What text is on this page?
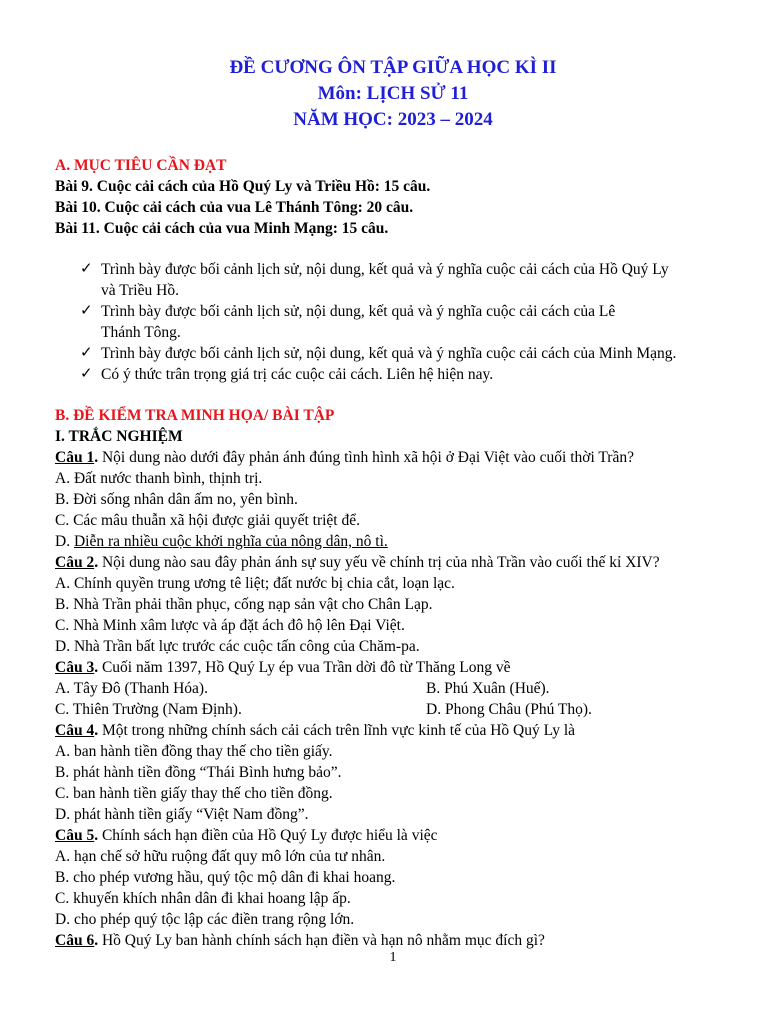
ĐỀ CƯƠNG ÔN TẬP GIỮA HỌC KÌ II
Môn: LỊCH SỬ 11
NĂM HỌC: 2023 – 2024
A. MỤC TIÊU CẦN ĐẠT
Bài 9. Cuộc cải cách của Hồ Quý Ly và Triều Hồ: 15 câu.
Bài 10. Cuộc cải cách của vua Lê Thánh Tông: 20 câu.
Bài 11. Cuộc cải cách của vua Minh Mạng: 15 câu.
✓ Trình bày được bối cảnh lịch sử, nội dung, kết quả và ý nghĩa cuộc cải cách của Hồ Quý Ly
và Triều Hồ.
✓ Trình bày được bối cảnh lịch sử, nội dung, kết quả và ý nghĩa cuộc cải cách của Lê
Thánh Tông.
✓ Trình bày được bối cảnh lịch sử, nội dung, kết quả và ý nghĩa cuộc cải cách của Minh Mạng.
✓ Có ý thức trân trọng giá trị các cuộc cải cách. Liên hệ hiện nay.
B. ĐỀ KIỂM TRA MINH HỌA/ BÀI TẬP
I. TRẮC NGHIỆM
Câu 1. Nội dung nào dưới đây phản ánh đúng tình hình xã hội ở Đại Việt vào cuối thời Trần?
A. Đất nước thanh bình, thịnh trị.
B. Đời sống nhân dân ấm no, yên bình.
C. Các mâu thuẫn xã hội được giải quyết triệt để.
D. Diễn ra nhiều cuộc khởi nghĩa của nông dân, nô tì.
Câu 2. Nội dung nào sau đây phản ánh sự suy yếu về chính trị của nhà Trần vào cuối thế kỉ XIV?
A. Chính quyền trung ương tê liệt; đất nước bị chia cắt, loạn lạc.
B. Nhà Trần phải thần phục, cống nạp sản vật cho Chân Lạp.
C. Nhà Minh xâm lược và áp đặt ách đô hộ lên Đại Việt.
D. Nhà Trần bất lực trước các cuộc tấn công của Chăm-pa.
Câu 3. Cuối năm 1397, Hồ Quý Ly ép vua Trần dời đô từ Thăng Long về
A. Tây Đô (Thanh Hóa).	B. Phú Xuân (Huế).
C. Thiên Trường (Nam Định).	D. Phong Châu (Phú Thọ).
Câu 4. Một trong những chính sách cải cách trên lĩnh vực kinh tế của Hồ Quý Ly là
A. ban hành tiền đồng thay thế cho tiền giấy.
B. phát hành tiền đồng “Thái Bình hưng bảo”.
C. ban hành tiền giấy thay thế cho tiền đồng.
D. phát hành tiền giấy “Việt Nam đồng”.
Câu 5. Chính sách hạn điền của Hồ Quý Ly được hiểu là việc
A. hạn chế sở hữu ruộng đất quy mô lớn của tư nhân.
B. cho phép vương hầu, quý tộc mộ dân đi khai hoang.
C. khuyến khích nhân dân đi khai hoang lập ấp.
D. cho phép quý tộc lập các điền trang rộng lớn.
Câu 6. Hồ Quý Ly ban hành chính sách hạn điền và hạn nô nhằm mục đích gì?
1
